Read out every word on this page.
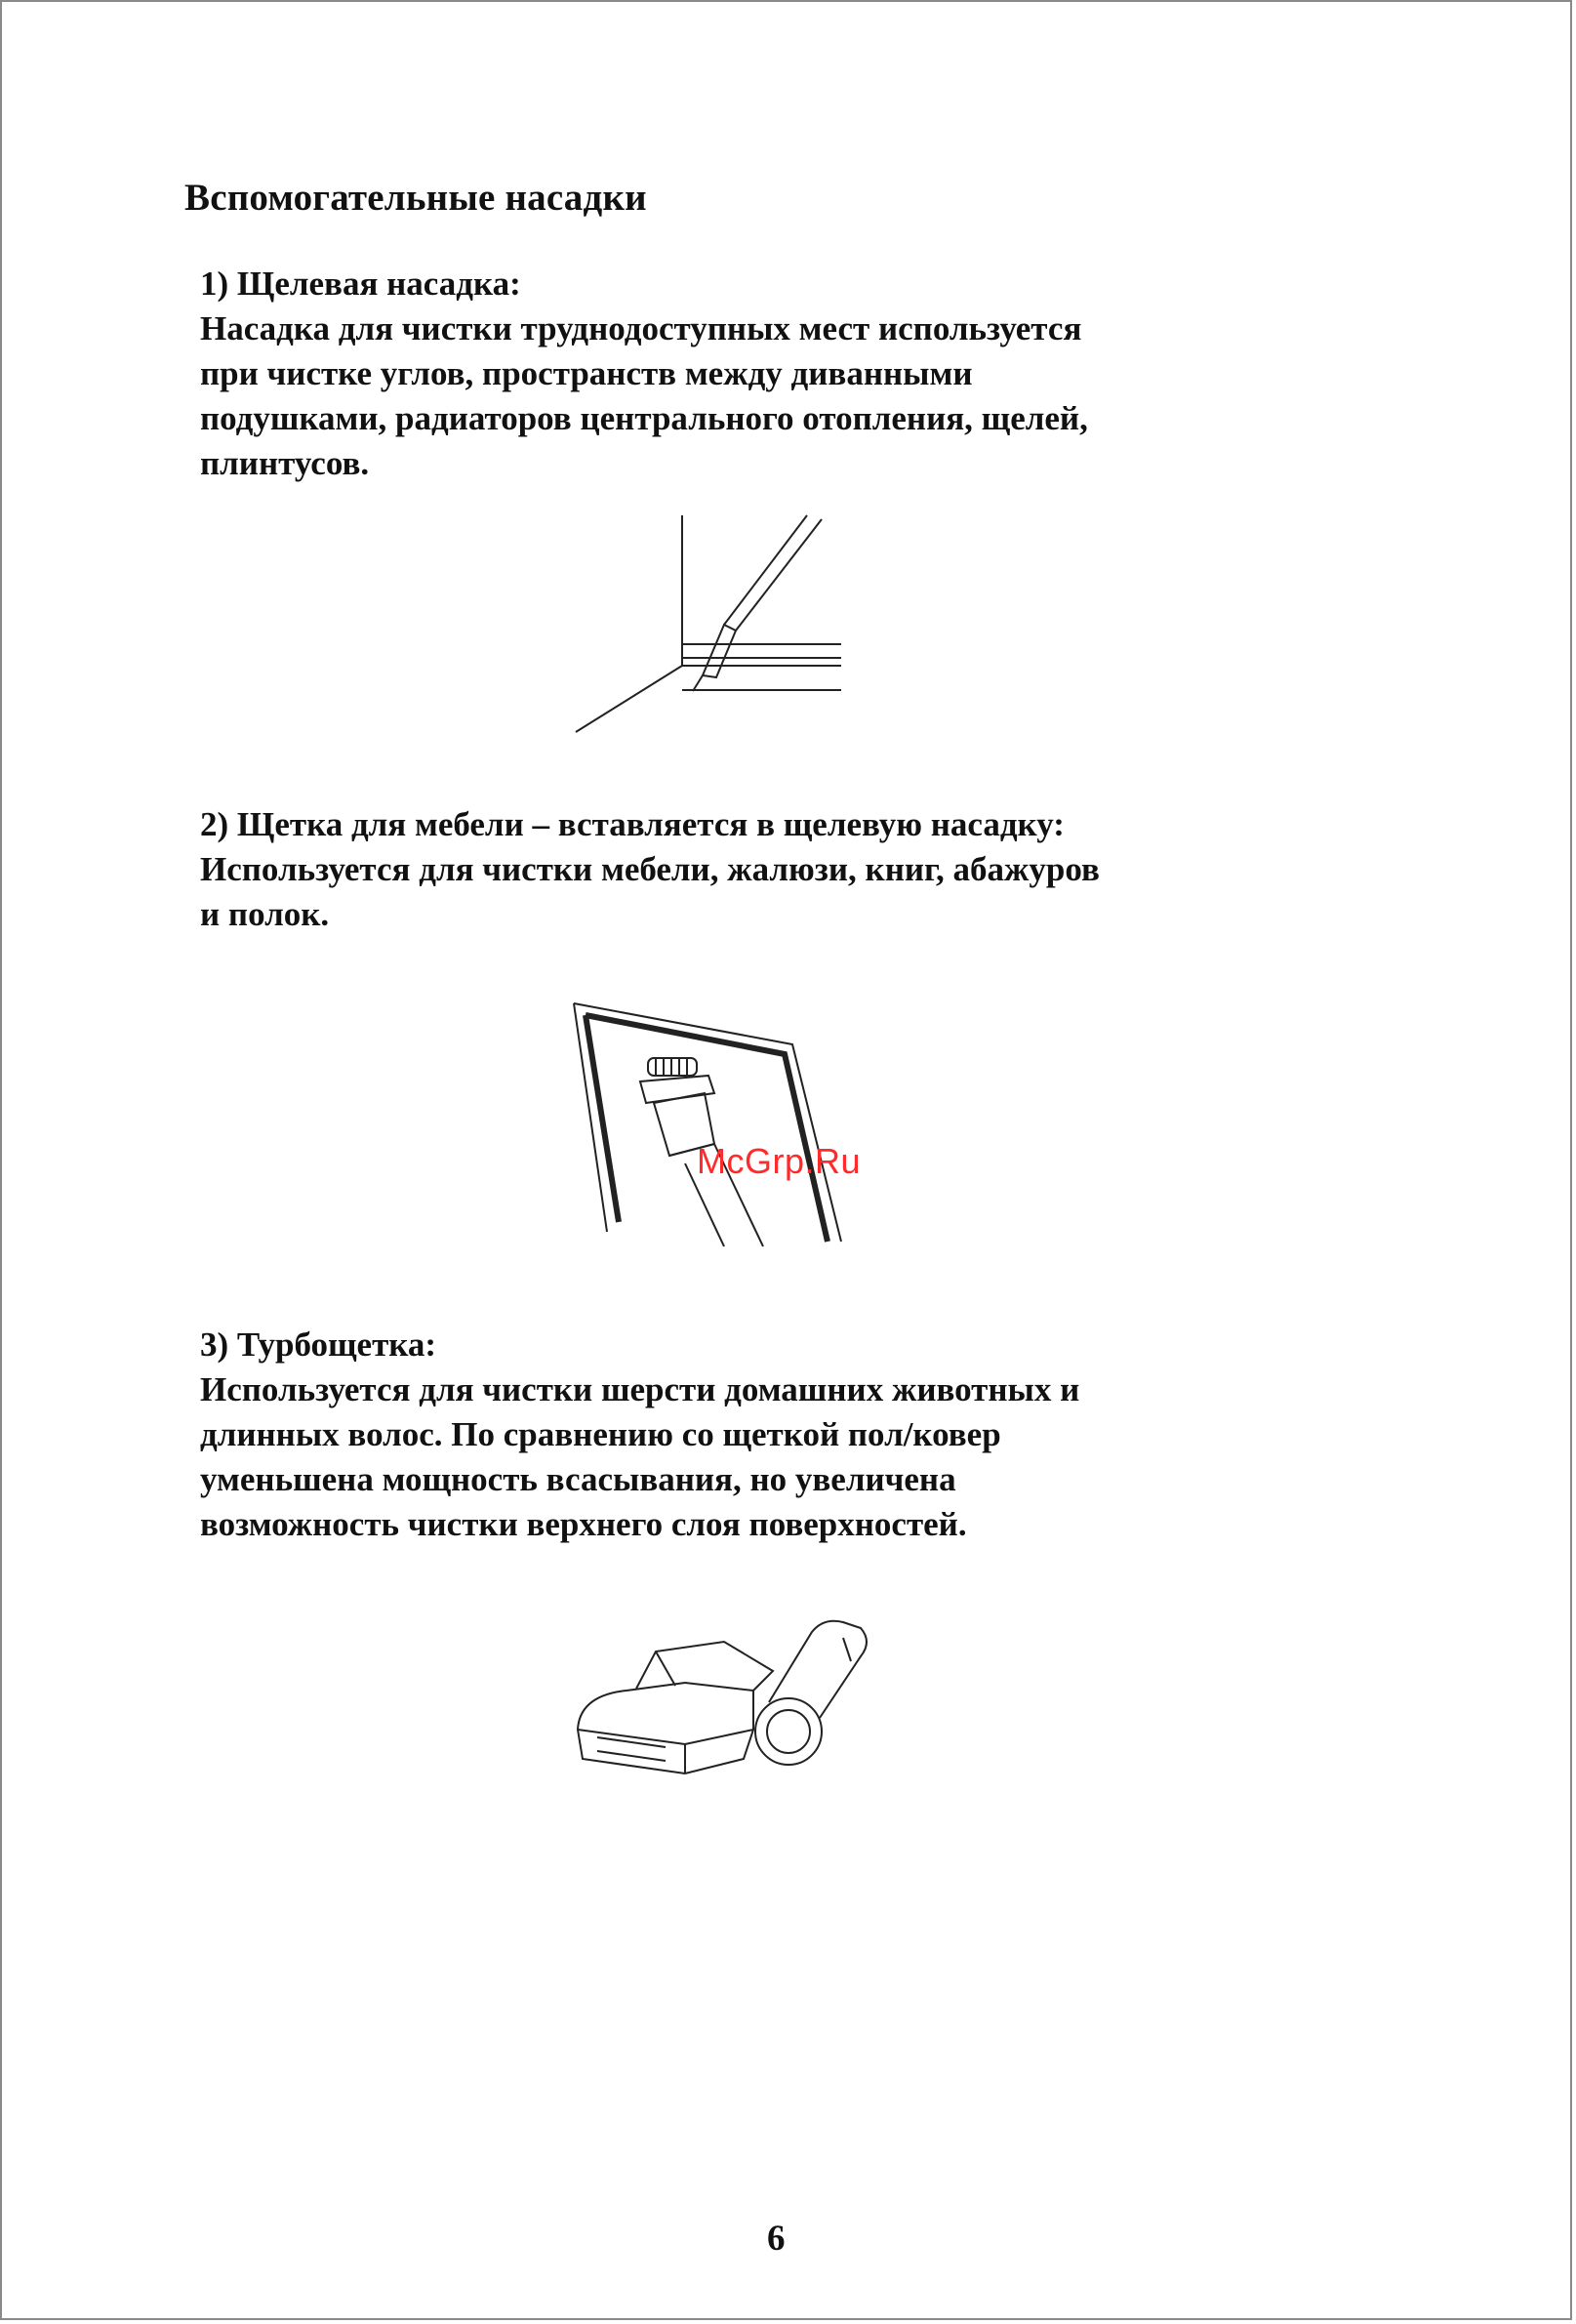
Вспомогательные насадки

1) Щелевая насадка:

Насадка для чистки труднодоступных мест используется
при чистке углов, пространств между диванными
подушками, радиаторов центрального отопления, щелей,
плинтусов.

2) Щетка для мебели – вставляется в щелевую насадку:

Используется для чистки мебели, жалюзи, книг, абажуров
и полок.

McGrp.Ru

3) Турбощетка:

Используется для чистки шерсти домашних животных и
длинных волос. По сравнению со щеткой пол/ковер
уменьшена мощность всасывания, но увеличена
возможность чистки верхнего слоя поверхностей.

6
